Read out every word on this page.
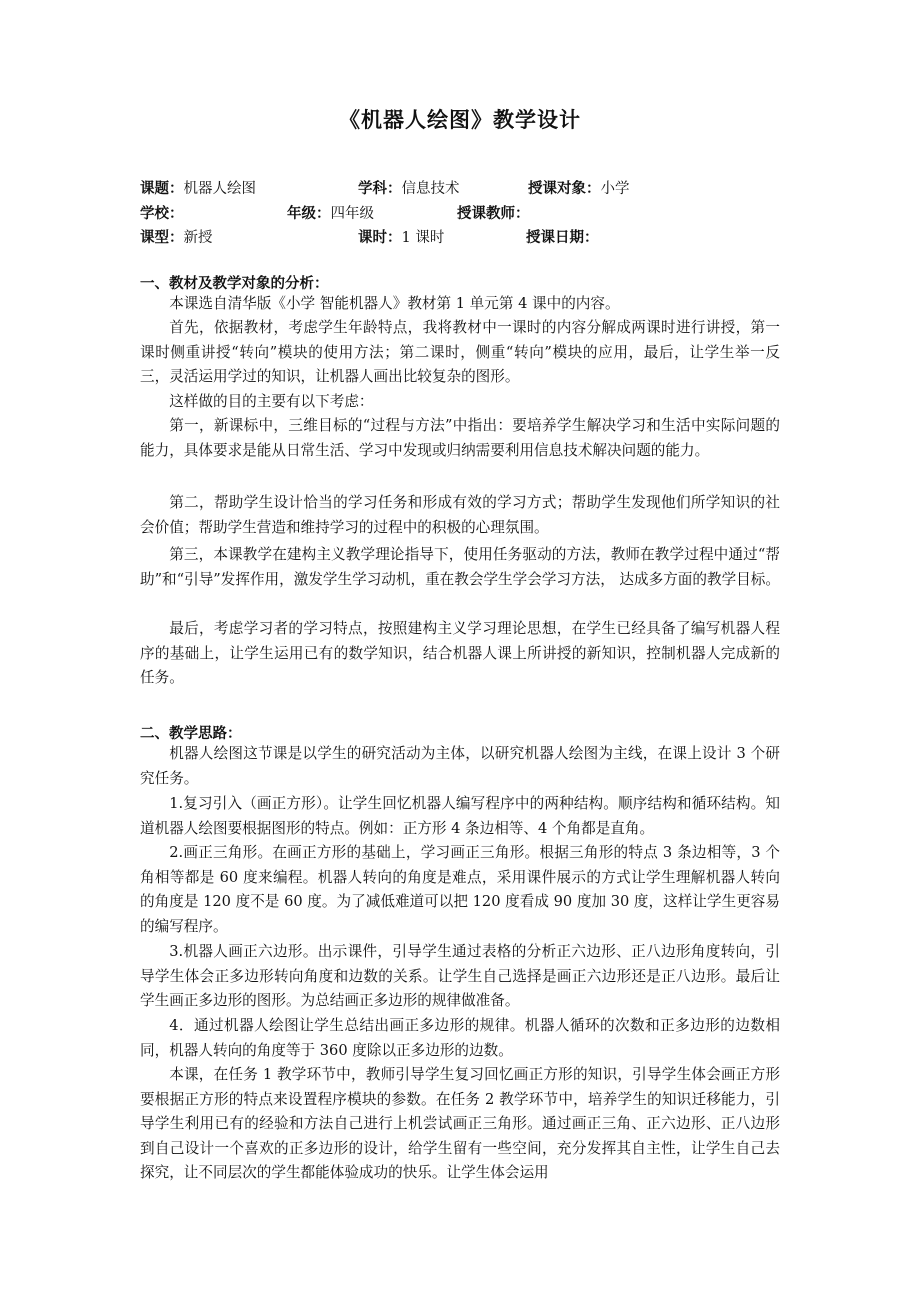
《机器人绘图》教学设计
课题：机器人绘图	学科：信息技术	授课对象：小学
学校：	年级：四年级	授课教师：
课型：新授	课时：1 课时	授课日期：
一、教材及教学对象的分析：

本课选自清华版《小学 智能机器人》教材第 1 单元第 4 课中的内容。

首先，依据教材，考虑学生年龄特点，我将教材中一课时的内容分解成两课时进行讲授，第一课时侧重讲授“转向”模块的使用方法；第二课时，侧重“转向”模块的应用，最后，让学生举一反三，灵活运用学过的知识，让机器人画出比较复杂的图形。

这样做的目的主要有以下考虑：

第一，新课标中，三维目标的“过程与方法”中指出：要培养学生解决学习和生活中实际问题的能力，具体要求是能从日常生活、学习中发现或归纳需要利用信息技术解决问题的能力。

第二，帮助学生设计恰当的学习任务和形成有效的学习方式；帮助学生发现他们所学知识的社会价值；帮助学生营造和维持学习的过程中的积极的心理氛围。

第三，本课教学在建构主义教学理论指导下，使用任务驱动的方法，教师在教学过程中通过“帮助”和“引导”发挥作用，激发学生学习动机，重在教会学生学会学习方法， 达成多方面的教学目标。

最后，考虑学习者的学习特点，按照建构主义学习理论思想，在学生已经具备了编写机器人程序的基础上，让学生运用已有的数学知识，结合机器人课上所讲授的新知识，控制机器人完成新的任务。

二、教学思路：

机器人绘图这节课是以学生的研究活动为主体，以研究机器人绘图为主线，在课上设计 3 个研究任务。

1.复习引入（画正方形）。让学生回忆机器人编写程序中的两种结构。顺序结构和循环结构。知道机器人绘图要根据图形的特点。例如：正方形 4 条边相等、4 个角都是直角。

2.画正三角形。在画正方形的基础上，学习画正三角形。根据三角形的特点 3 条边相等，3 个角相等都是 60 度来编程。机器人转向的角度是难点，采用课件展示的方式让学生理解机器人转向的角度是 120 度不是 60 度。为了减低难道可以把 120 度看成 90 度加 30 度，这样让学生更容易的编写程序。

3.机器人画正六边形。出示课件，引导学生通过表格的分析正六边形、正八边形角度转向，引导学生体会正多边形转向角度和边数的关系。让学生自己选择是画正六边形还是正八边形。最后让学生画正多边形的图形。为总结画正多边形的规律做准备。

4．通过机器人绘图让学生总结出画正多边形的规律。机器人循环的次数和正多边形的边数相同，机器人转向的角度等于 360 度除以正多边形的边数。

本课，在任务 1 教学环节中，教师引导学生复习回忆画正方形的知识，引导学生体会画正方形要根据正方形的特点来设置程序模块的参数。在任务 2 教学环节中，培养学生的知识迁移能力，引导学生利用已有的经验和方法自己进行上机尝试画正三角形。通过画正三角、正六边形、正八边形到自己设计一个喜欢的正多边形的设计，给学生留有一些空间，充分发挥其自主性，让学生自己去探究，让不同层次的学生都能体验成功的快乐。让学生体会运用
